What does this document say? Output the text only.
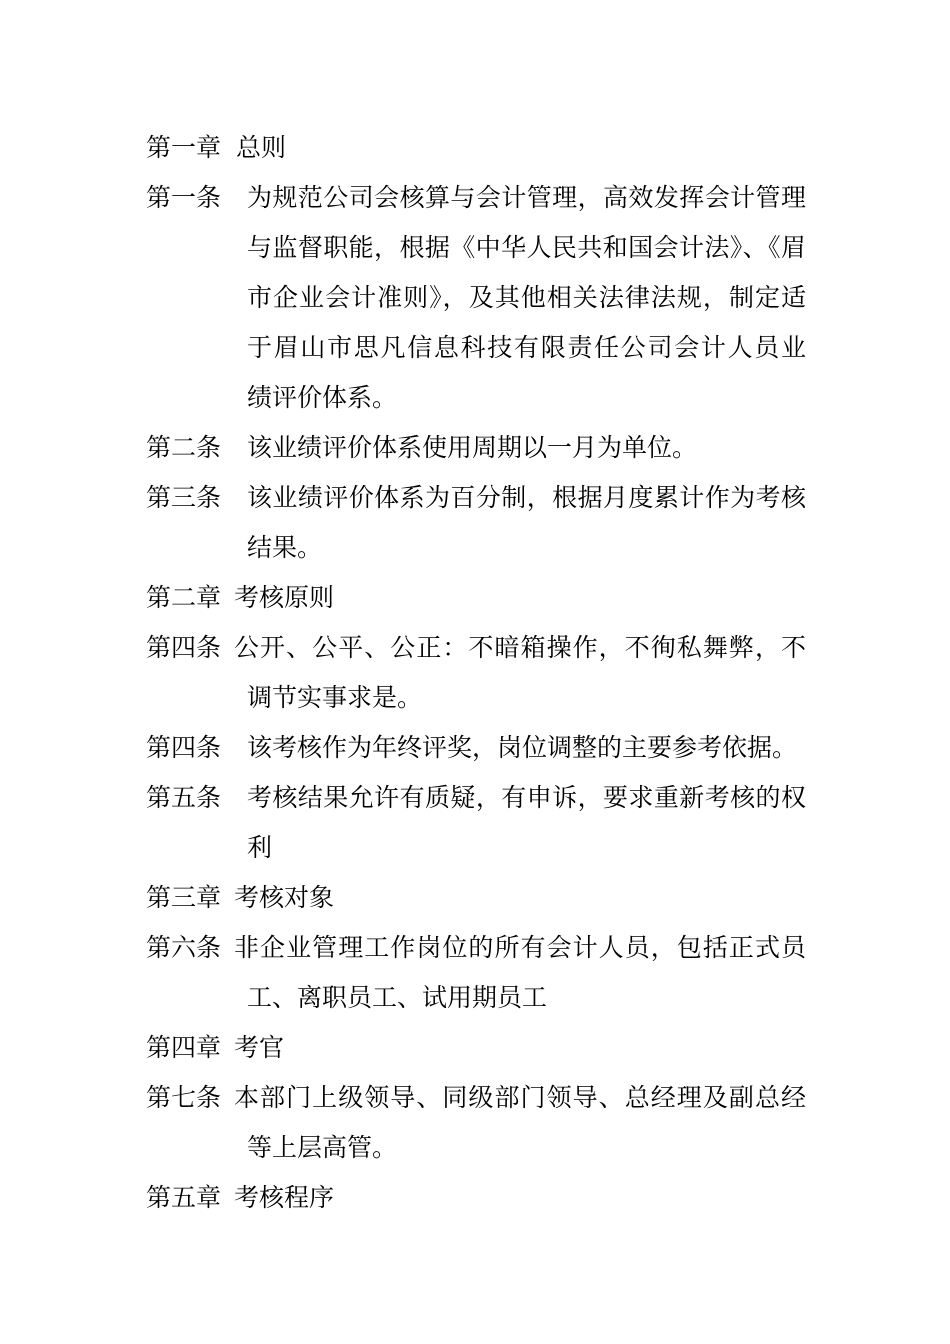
第一章 总则
第一条 为规范公司会核算与会计管理，高效发挥会计管理
与监督职能，根据《中华人民共和国会计法》、《眉
市企业会计准则》，及其他相关法律法规，制定适
于眉山市思凡信息科技有限责任公司会计人员业
绩评价体系。
第二条 该业绩评价体系使用周期以一月为单位。
第三条 该业绩评价体系为百分制，根据月度累计作为考核
结果。
第二章 考核原则
第四条 公开、公平、公正：不暗箱操作，不徇私舞弊，不
调节实事求是。
第四条 该考核作为年终评奖，岗位调整的主要参考依据。
第五条 考核结果允许有质疑，有申诉，要求重新考核的权
利
第三章 考核对象
第六条 非企业管理工作岗位的所有会计人员，包括正式员
工、离职员工、试用期员工
第四章 考官
第七条 本部门上级领导、同级部门领导、总经理及副总经
等上层高管。
第五章 考核程序
